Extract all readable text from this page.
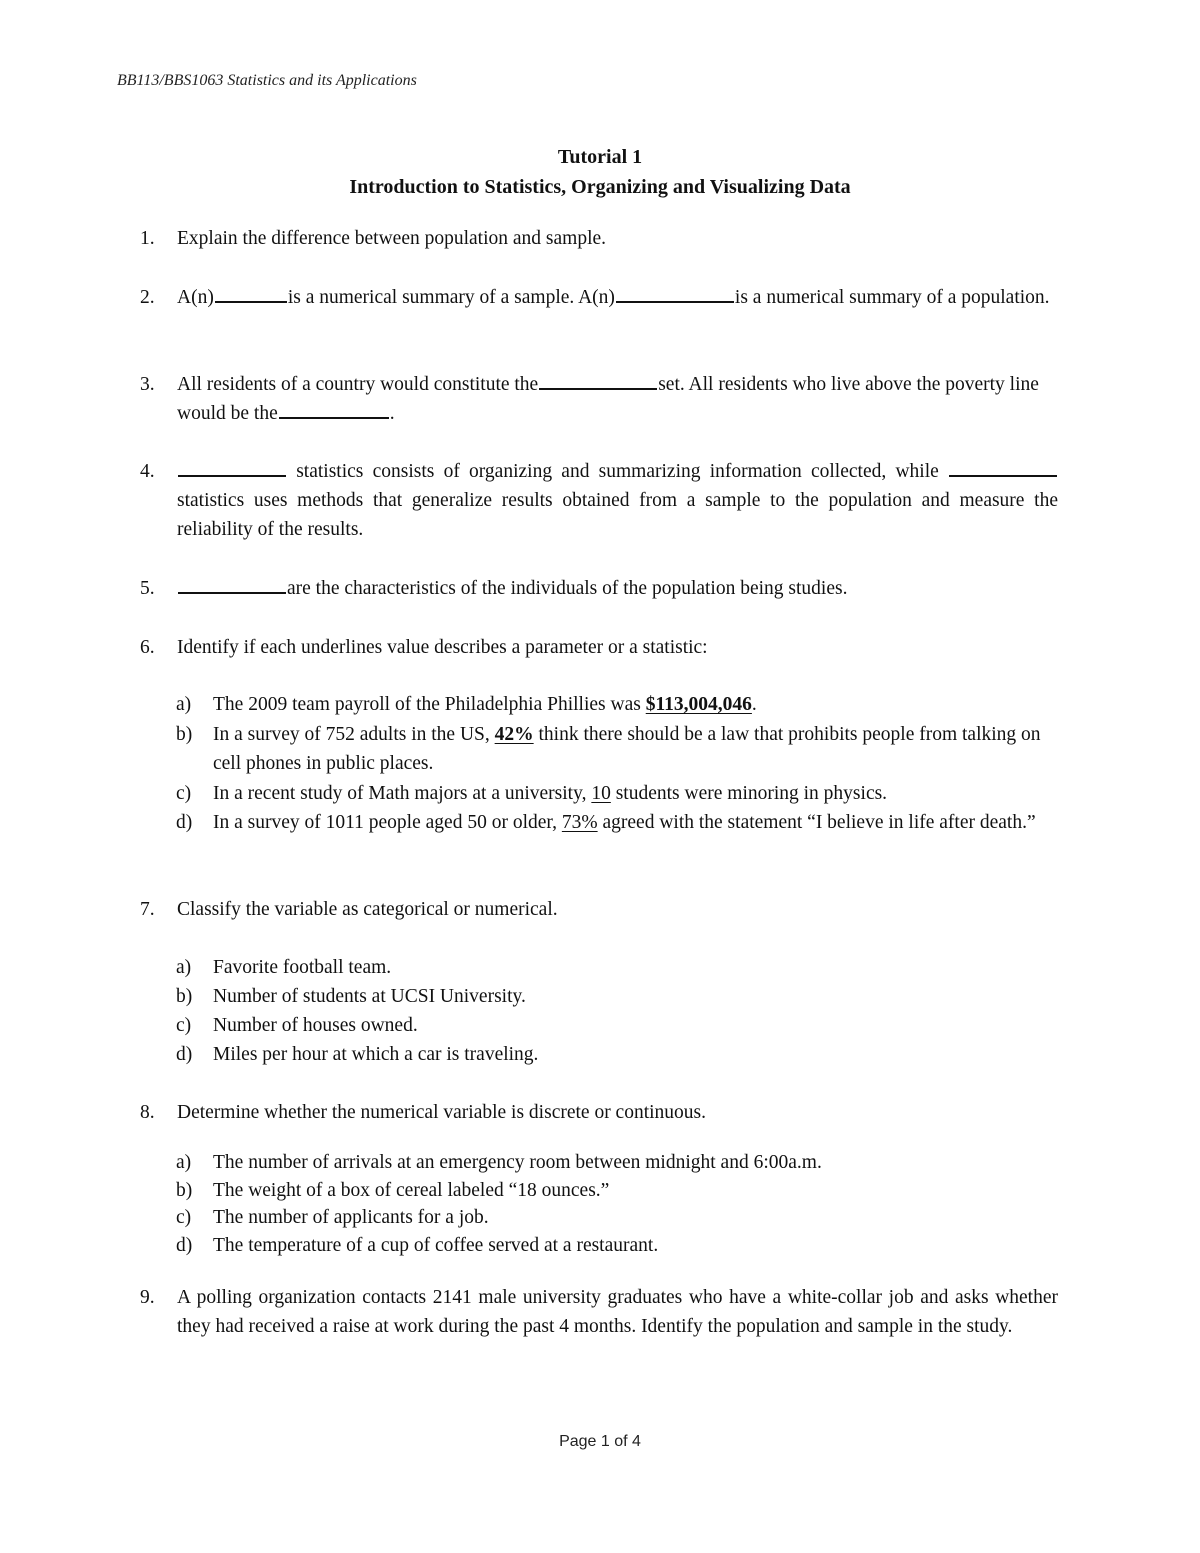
BB113/BBS1063 Statistics and its Applications
Tutorial 1
Introduction to Statistics, Organizing and Visualizing Data
1. Explain the difference between population and sample.
2. A(n)	is a numerical summary of a sample. A(n)	is a numerical summary of a population.
3. All residents of a country would constitute the	set. All residents who live above the poverty line would be the	.
4.	statistics consists of organizing and summarizing information collected, while  statistics uses methods that generalize results obtained from a sample to the population and measure the reliability of the results.
5.	are the characteristics of the individuals of the population being studies.
6. Identify if each underlines value describes a parameter or a statistic:
a) The 2009 team payroll of the Philadelphia Phillies was $113,004,046.
b) In a survey of 752 adults in the US, 42% think there should be a law that prohibits people from talking on cell phones in public places.
c) In a recent study of Math majors at a university, 10 students were minoring in physics.
d) In a survey of 1011 people aged 50 or older, 73% agreed with the statement “I believe in life after death.”
7. Classify the variable as categorical or numerical.
a) Favorite football team.
b) Number of students at UCSI University.
c) Number of houses owned.
d) Miles per hour at which a car is traveling.
8. Determine whether the numerical variable is discrete or continuous.
a) The number of arrivals at an emergency room between midnight and 6:00a.m.
b) The weight of a box of cereal labeled “18 ounces.”
c) The number of applicants for a job.
d) The temperature of a cup of coffee served at a restaurant.
9. A polling organization contacts 2141 male university graduates who have a white-collar job and asks whether they had received a raise at work during the past 4 months. Identify the population and sample in the study.
Page 1 of 4
